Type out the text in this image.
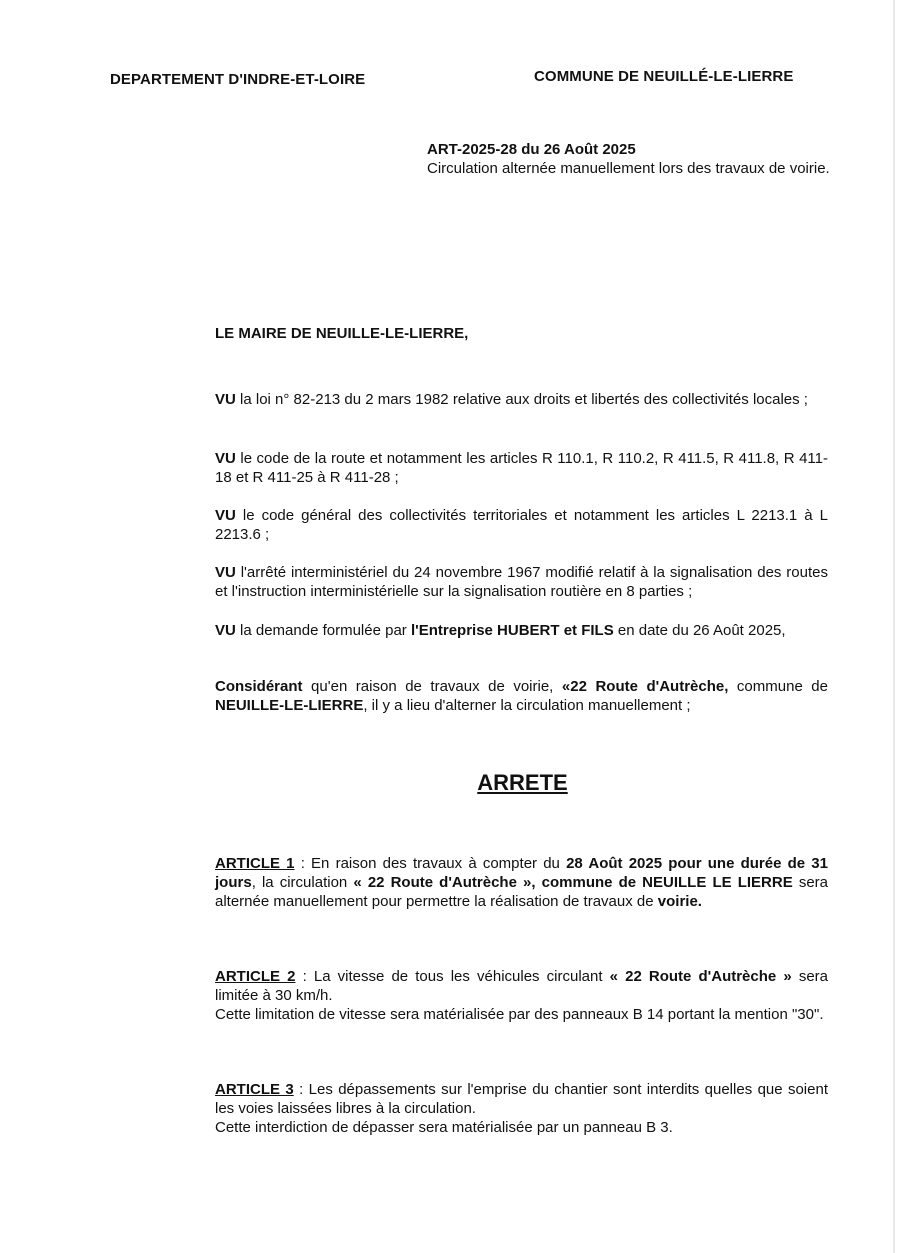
DEPARTEMENT D'INDRE-ET-LOIRE	COMMUNE DE NEUILLÉ-LE-LIERRE
ART-2025-28 du 26 Août 2025
Circulation alternée manuellement lors des travaux de voirie.
LE MAIRE DE NEUILLE-LE-LIERRE,
VU la loi n° 82-213 du 2 mars 1982 relative aux droits et libertés des collectivités locales ;
VU le code de la route et notamment les articles R 110.1, R 110.2, R 411.5, R 411.8, R 411-18 et R 411-25 à R 411-28 ;
VU le code général des collectivités territoriales et notamment les articles L 2213.1 à L 2213.6 ;
VU l'arrêté interministériel du 24 novembre 1967 modifié relatif à la signalisation des routes et l'instruction interministérielle sur la signalisation routière en 8 parties ;
VU la demande formulée par l'Entreprise HUBERT et FILS en date du 26 Août 2025,
Considérant qu'en raison de travaux de voirie, «22 Route d'Autrèche, commune de NEUILLE-LE-LIERRE, il y a lieu d'alterner la circulation manuellement ;
ARRETE
ARTICLE 1 : En raison des travaux à compter du 28 Août 2025 pour une durée de 31 jours, la circulation « 22 Route d'Autrèche », commune de NEUILLE LE LIERRE sera alternée manuellement pour permettre la réalisation de travaux de voirie.
ARTICLE 2 : La vitesse de tous les véhicules circulant « 22 Route d'Autrèche » sera limitée à 30 km/h.
Cette limitation de vitesse sera matérialisée par des panneaux B 14 portant la mention "30".
ARTICLE 3 : Les dépassements sur l'emprise du chantier sont interdits quelles que soient les voies laissées libres à la circulation.
Cette interdiction de dépasser sera matérialisée par un panneau B 3.
